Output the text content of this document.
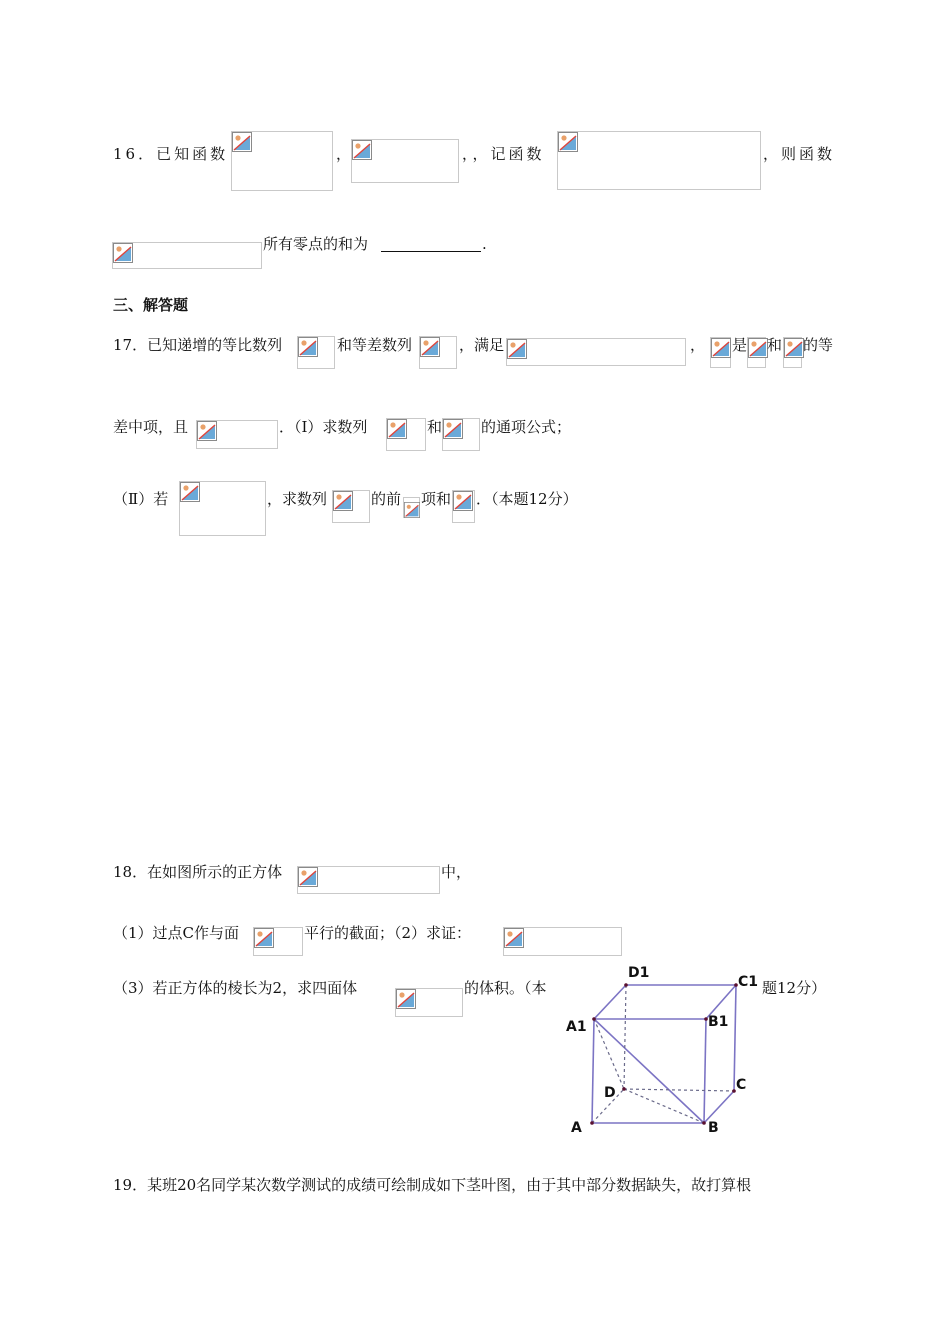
16．已知函数	，	，，记函数	，则函数
所有零点的和为	.
三、解答题
17．已知递增的等比数列	和等差数列	，满足	， 是 和 的等
差中项，且	．（Ⅰ）求数列	和	的通项公式；
（Ⅱ）若	，求数列	的前 项和 ．（本题12分）
18．在如图所示的正方体	中，
（1）过点C作与面	平行的截面；（2）求证：
（3）若正方体的棱长为2，求四面体	的体积。（本	题12分）
D1
C1
A1	B1
D	C
A	B
19．某班20名同学某次数学测试的成绩可绘制成如下茎叶图，由于其中部分数据缺失，故打算根
